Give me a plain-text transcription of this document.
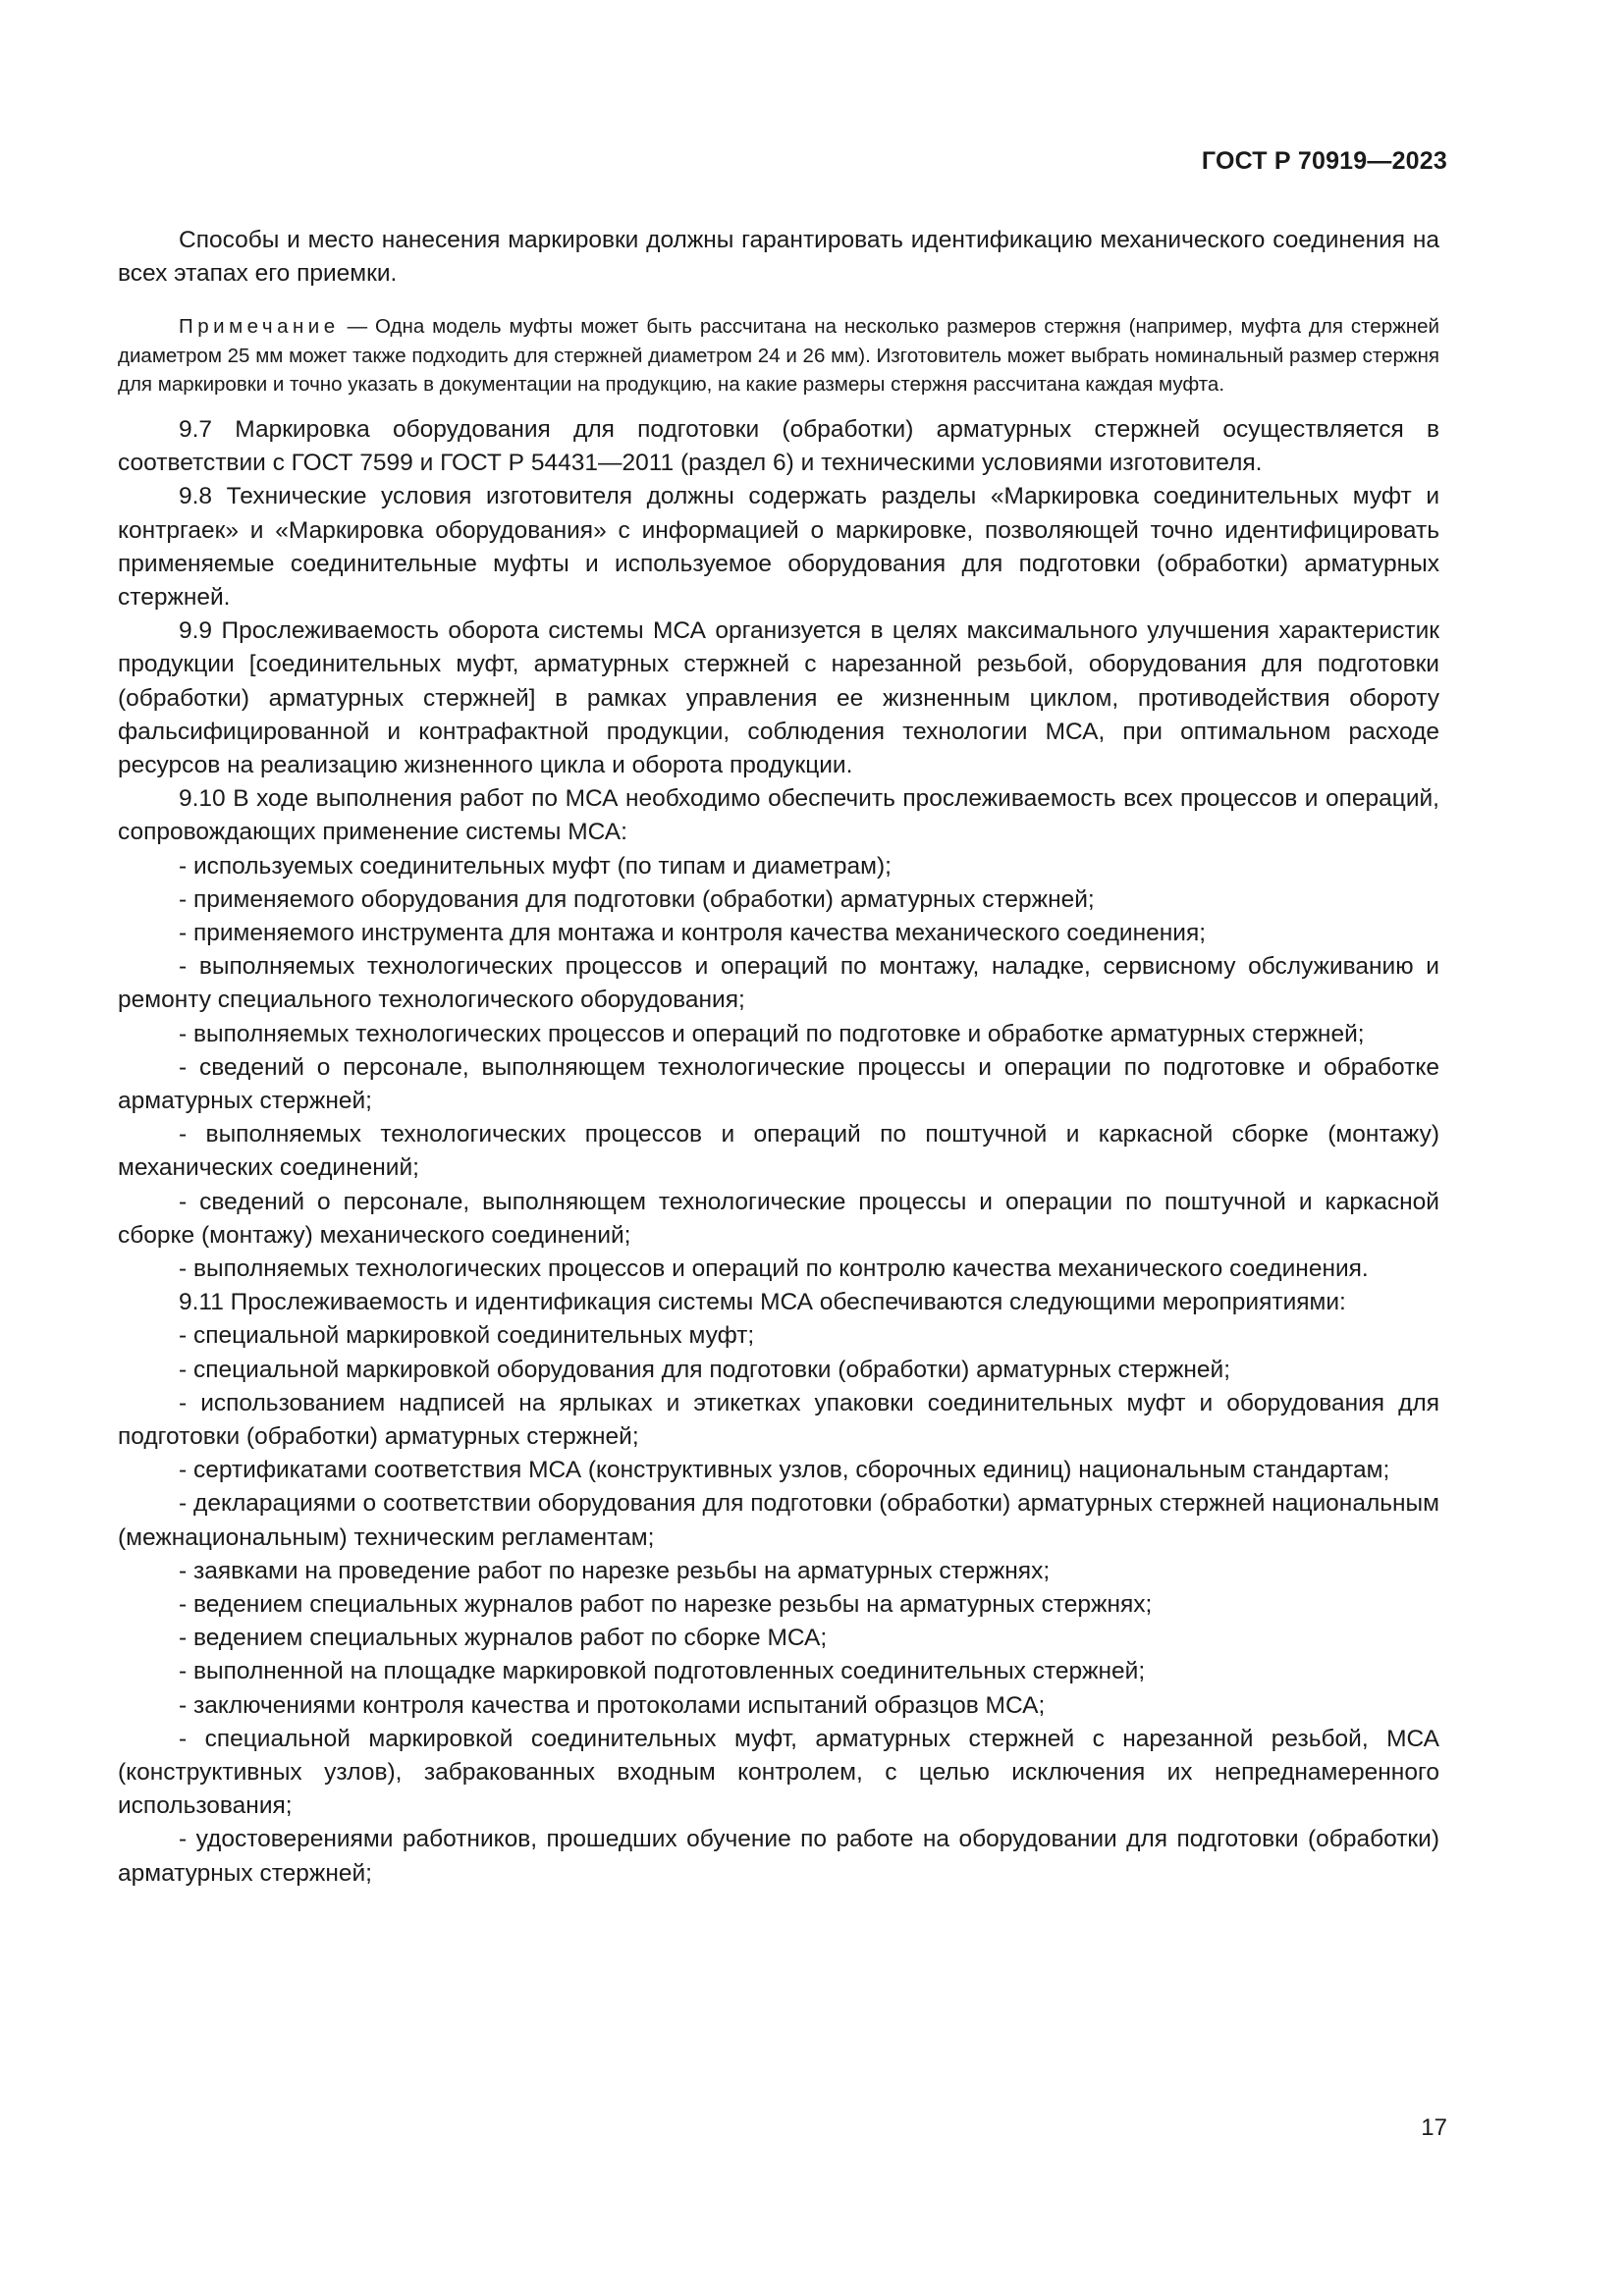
ГОСТ Р 70919—2023

Способы и место нанесения маркировки должны гарантировать идентификацию механического соединения на всех этапах его приемки.

Примечание — Одна модель муфты может быть рассчитана на несколько размеров стержня (например, муфта для стержней диаметром 25 мм может также подходить для стержней диаметром 24 и 26 мм). Изготовитель может выбрать номинальный размер стержня для маркировки и точно указать в документации на продукцию, на какие размеры стержня рассчитана каждая муфта.

9.7 Маркировка оборудования для подготовки (обработки) арматурных стержней осуществляется в соответствии с ГОСТ 7599 и ГОСТ Р 54431—2011 (раздел 6) и техническими условиями изготовителя.

9.8 Технические условия изготовителя должны содержать разделы «Маркировка соединительных муфт и контргаек» и «Маркировка оборудования» с информацией о маркировке, позволяющей точно идентифицировать применяемые соединительные муфты и используемое оборудования для подготовки (обработки) арматурных стержней.

9.9 Прослеживаемость оборота системы МСА организуется в целях максимального улучшения характеристик продукции [соединительных муфт, арматурных стержней с нарезанной резьбой, оборудования для подготовки (обработки) арматурных стержней] в рамках управления ее жизненным циклом, противодействия обороту фальсифицированной и контрафактной продукции, соблюдения технологии МСА, при оптимальном расходе ресурсов на реализацию жизненного цикла и оборота продукции.

9.10 В ходе выполнения работ по МСА необходимо обеспечить прослеживаемость всех процессов и операций, сопровождающих применение системы МСА:

- используемых соединительных муфт (по типам и диаметрам);

- применяемого оборудования для подготовки (обработки) арматурных стержней;

- применяемого инструмента для монтажа и контроля качества механического соединения;

- выполняемых технологических процессов и операций по монтажу, наладке, сервисному обслуживанию и ремонту специального технологического оборудования;

- выполняемых технологических процессов и операций по подготовке и обработке арматурных стержней;

- сведений о персонале, выполняющем технологические процессы и операции по подготовке и обработке арматурных стержней;

- выполняемых технологических процессов и операций по поштучной и каркасной сборке (монтажу) механических соединений;

- сведений о персонале, выполняющем технологические процессы и операции по поштучной и каркасной сборке (монтажу) механического соединений;

- выполняемых технологических процессов и операций по контролю качества механического соединения.

9.11 Прослеживаемость и идентификация системы МСА обеспечиваются следующими мероприятиями:

- специальной маркировкой соединительных муфт;

- специальной маркировкой оборудования для подготовки (обработки) арматурных стержней;

- использованием надписей на ярлыках и этикетках упаковки соединительных муфт и оборудования для подготовки (обработки) арматурных стержней;

- сертификатами соответствия МСА (конструктивных узлов, сборочных единиц) национальным стандартам;

- декларациями о соответствии оборудования для подготовки (обработки) арматурных стержней национальным (межнациональным) техническим регламентам;

- заявками на проведение работ по нарезке резьбы на арматурных стержнях;

- ведением специальных журналов работ по нарезке резьбы на арматурных стержнях;

- ведением специальных журналов работ по сборке МСА;

- выполненной на площадке маркировкой подготовленных соединительных стержней;

- заключениями контроля качества и протоколами испытаний образцов МСА;

- специальной маркировкой соединительных муфт, арматурных стержней с нарезанной резьбой, МСА (конструктивных узлов), забракованных входным контролем, с целью исключения их непреднамеренного использования;

- удостоверениями работников, прошедших обучение по работе на оборудовании для подготовки (обработки) арматурных стержней;

17
